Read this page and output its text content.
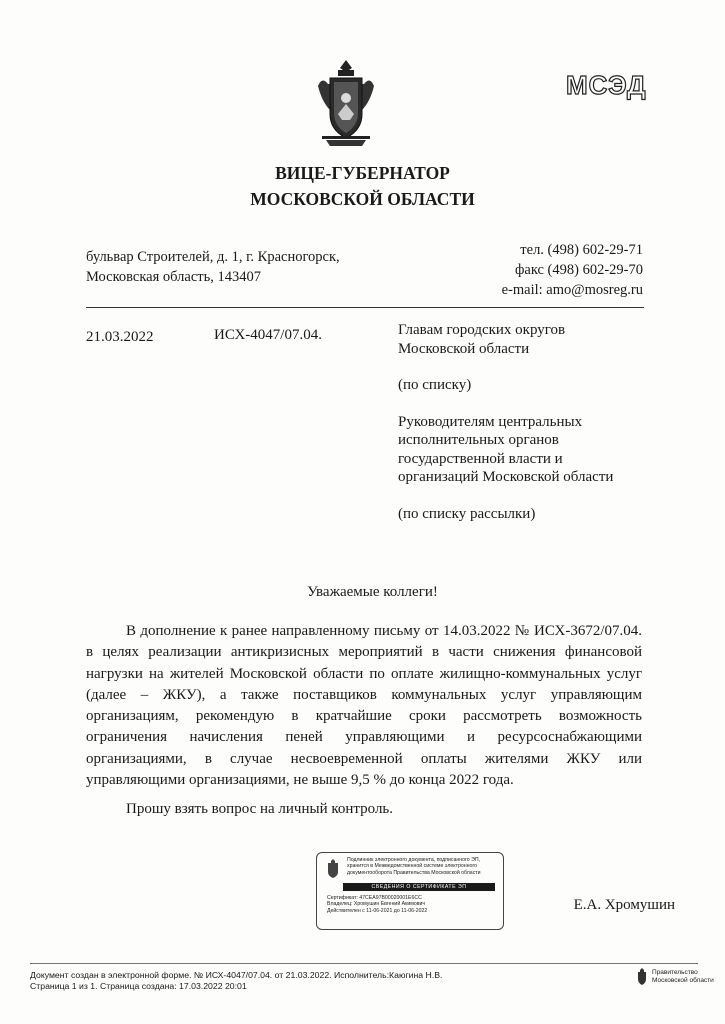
МСЭД
ВИЦЕ-ГУБЕРНАТОР
МОСКОВСКОЙ ОБЛАСТИ
бульвар Строителей, д. 1, г. Красногорск,
Московская область, 143407
тел. (498) 602-29-71
факс (498) 602-29-70
e-mail: amo@mosreg.ru
21.03.2022	ИСХ-4047/07.04.	Главам городских округов
Московской области

(по списку)

Руководителям центральных
исполнительных органов
государственной власти и
организаций Московской области

(по списку рассылки)

Уважаемые коллеги!

В дополнение к ранее направленному письму от 14.03.2022 № ИСХ-3672/07.04. в целях реализации антикризисных мероприятий в части снижения финансовой нагрузки на жителей Московской области по оплате жилищно-коммунальных услуг (далее – ЖКУ), а также поставщиков коммунальных услуг управляющим организациям, рекомендую в кратчайшие сроки рассмотреть возможность ограничения начисления пеней управляющими и ресурсоснабжающими организациями, в случае несвоевременной оплаты жителями ЖКУ или управляющими организациями, не выше 9,5 % до конца 2022 года.

Прошу взять вопрос на личный контроль.

Подлинник электронного документа, подписанного ЭП, хранится в Межведомственной системе электронного документооборота Правительства Московской области
СВЕДЕНИЯ О СЕРТИФИКАТЕ ЭП
Сертификат: 47CEA97B00020001E6CC
Владелец: Хромушин Евгений Акимович
Действителен с 11-06-2021 до 11-06-2022	Е.А. Хромушин
Документ создан в электронной форме. № ИСХ-4047/07.04. от 21.03.2022. Исполнитель:Каюгина Н.В.
Страница 1 из 1. Страница создана: 17.03.2022 20:01
Правительство
Московской области
